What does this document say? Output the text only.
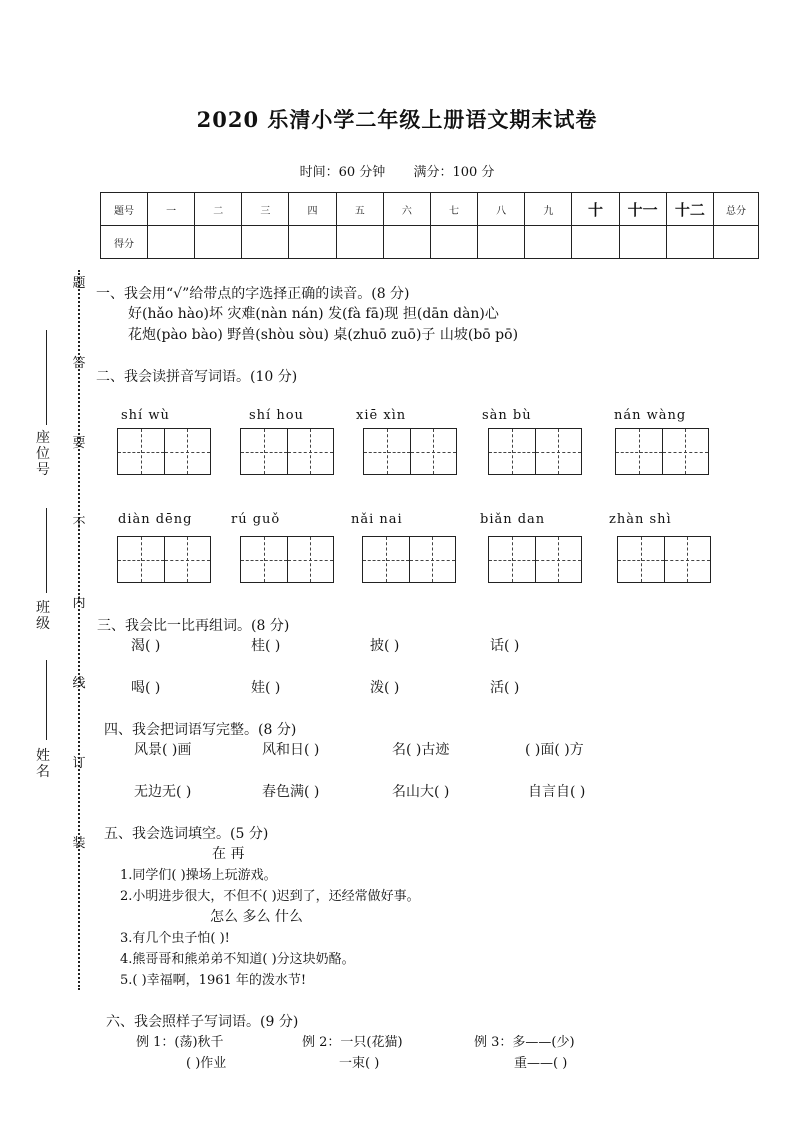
2020 乐清小学二年级上册语文期末试卷
时间：60 分钟 满分：100 分
题号	一	二	三	四	五	六	七	八	九	十	十一	十二	总分
得分													
题
答
要
不
内
线
订
装
座位号
班级
姓名
一、我会用“√”给带点的字选择正确的读音。(8 分)
好(hǎo hào)坏 灾难(nàn nán) 发(fà fā)现 担(dān dàn)心
花炮(pào bào) 野兽(shòu sòu) 桌(zhuō zuō)子 山坡(bō pō)
二、我会读拼音写词语。(10 分)
shí wù	shí hou	xiē xìn	sàn bù	nán wàng
diàn dēng	rú guǒ	nǎi nai	biǎn dan	zhàn shì
三、我会比一比再组词。(8 分)
渴( )	桂( )	披( )	话( )
喝( )	娃( )	泼( )	活( )
四、我会把词语写完整。(8 分)
风景( )画	风和日( )	名( )古迹	( )面( )方
无边无( )	春色满( )	名山大( )	自言自( )
五、我会选词填空。(5 分)
在 再
1.同学们( )操场上玩游戏。
2.小明进步很大，不但不( )迟到了，还经常做好事。
怎么 多么 什么
3.有几个虫子怕( )!
4.熊哥哥和熊弟弟不知道( )分这块奶酪。
5.( )幸福啊，1961 年的泼水节!
六、我会照样子写词语。(9 分)
例 1：(荡)秋千	例 2：一只(花猫)	例 3：多——(少)
( )作业	一束( )	重——( )
